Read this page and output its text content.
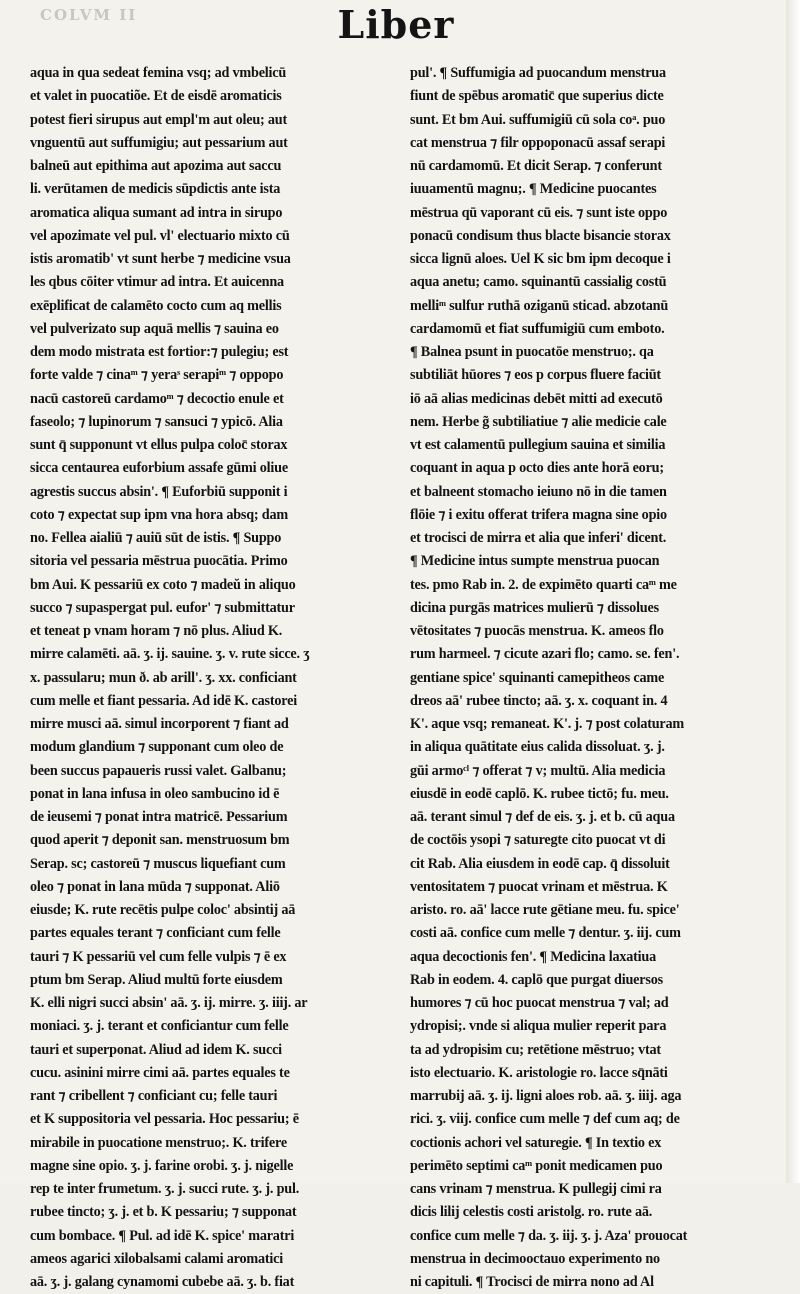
COLVM II	Liber
aqua in qua sedeat femina vsq; ad vmbelicū
et valet in puocatiõe. Et de eisdē aromaticis
potest fieri sirupus aut empl'm aut oleu; aut
vnguentū aut suffumigiu; aut pessarium aut
balneū aut epithima aut apozima aut saccu
li. verūtamen de medicis sūpdictis ante ista
aromatica aliqua sumant ad intra in sirupo
vel apozimate vel pul. vl' electuario mixto cū
istis aromatib' vt sunt herbe ⁊ medicine vsua
les qbus cōiter vtimur ad intra. Et auicenna
exēplificat de calamēto cocto cum aq mellis
vel pulverizato sup aquā mellis ⁊ sauina eo
dem modo mistrata est fortior:⁊ pulegiu; est
forte valde ⁊ cinaᵐ ⁊ yeraˢ serapiᵐ ⁊ oppopo
nacū castoreū cardamoᵐ ⁊ decoctio enule et
faseolo; ⁊ lupinorum ⁊ sansuci ⁊ ypicō. Alia
sunt q̄ supponunt vt ellus pulpa coloc̄ storax
sicca centaurea euforbium assafe gūmi oliue
agrestis succus absin'. ¶ Euforbiū supponit i
coto ⁊ expectat sup ipm vna hora absq; dam
no. Fellea aialiū ⁊ auiū sūt de istis. ¶ Suppo
sitoria vel pessaria mēstrua puocātia. Primo
bm Aui. K pessariū ex coto ⁊ madeŭ in aliquo
succo ⁊ supaspergat pul. eufor' ⁊ submittatur
et teneat p vnam horam ⁊ nō plus. Aliud K.
mirre calamēti. aā. ʒ. ij. sauine. ʒ. v. rute sicce. ʒ
x. passularu; mun ð. ab arill'. ʒ. xx. conficiant
cum melle et fiant pessaria. Ad idē K. castorei
mirre musci aā. simul incorporent ⁊ fiant ad
modum glandium ⁊ supponant cum oleo de
been succus papaueris russi valet. Galbanu;
ponat in lana infusa in oleo sambucino id ē
de ieusemi ⁊ ponat intra matricē. Pessarium
quod aperit ⁊ deponit san. menstruosum bm
Serap. sc; castoreū ⁊ muscus liquefiant cum
oleo ⁊ ponat in lana mūda ⁊ supponat. Aliō
eiusde; K. rute recētis pulpe coloc' absintij aā
partes equales terant ⁊ conficiant cum felle
tauri ⁊ K pessariū vel cum felle vulpis ⁊ ē ex
ptum bm Serap. Aliud multū forte eiusdem
K. elli nigri succi absin' aā. ʒ. ij. mirre. ʒ. iiij. ar
moniaci. ʒ. j. terant et conficiantur cum felle
tauri et superponat. Aliud ad idem K. succi
cucu. asinini mirre cimi aā. partes equales te
rant ⁊ cribellent ⁊ conficiant cu; felle tauri
et K suppositoria vel pessaria. Hoc pessariu; ē
mirabile in puocatione menstruo;. K. trifere
magne sine opio. ʒ. j. farine orobi. ʒ. j. nigelle
rep te inter frumetum. ʒ. j. succi rute. ʒ. j. pul.
rubee tincto; ʒ. j. et b. K pessariu; ⁊ supponat
cum bombace. ¶ Pul. ad idē K. spice' maratri
ameos agarici xilobalsami calami aromatici
aā. ʒ. j. galang cynamomi cubebe aā. ʒ. b. fiat
pul'. ¶ Suffumigia ad puocandum menstrua
fiunt de spēbus aromatic̄ que superius dicte
sunt. Et bm Aui. suffumigiū cū sola coᵃ. puo
cat menstrua ⁊ filr oppoponacū assaf serapi
nū cardamomū. Et dicit Serap. ⁊ conferunt
iuuamentū magnu;. ¶ Medicine puocantes
mēstrua qū vaporant cū eis. ⁊ sunt iste oppo
ponacū condisum thus blacte bisancie storax
sicca lignū aloes. Uel K sic bm ipm decoque i
aqua anetu; camo. squinantū cassialig costū
melliᵐ sulfur ruthā oziganū sticad. abzotanū
cardamomū et fiat suffumigiū cum emboto.
¶ Balnea psunt in puocatōe menstruo;. qa
subtiliāt hūores ⁊ eos p corpus fluere faciūt
iō aā alias medicinas debēt mitti ad executō
nem. Herbe g̃ subtiliatiue ⁊ alie medicie cale
vt est calamentū pullegium sauina et similia
coquant in aqua p octo dies ante horā eoru;
et balneent stomacho ieiuno nō in die tamen
flōie ⁊ i exitu offerat trifera magna sine opio
et trocisci de mirra et alia que inferi' dicent.
¶ Medicine intus sumpte menstrua puocan
tes. pmo Rab in. 2. de expimēto quarti caᵐ me
dicina purgās matrices mulierū ⁊ dissolues
vētositates ⁊ puocās menstrua. K. ameos flo
rum harmeel. ⁊ cicute azari flo; camo. se. fen'.
gentiane spice' squinanti camepitheos came
dreos aā' rubee tincto; aā. ʒ. x. coquant in. 4
K'. aque vsq; remaneat. K'. j. ⁊ post colaturam
in aliqua quātitate eius calida dissoluat. ʒ. j.
gūi armoᶜˡ ⁊ offerat ⁊ v; multū. Alia medicia
eiusdē in eodē caplō. K. rubee tictō; fu. meu.
aā. terant simul ⁊ def de eis. ʒ. j. et b. cū aqua
de coctōis ysopi ⁊ saturegte cito puocat vt di
cit Rab. Alia eiusdem in eodē cap. q̄ dissoluit
ventositatem ⁊ puocat vrinam et mēstrua. K
aristo. ro. aā' lacce rute gētiane meu. fu. spice'
costi aā. confice cum melle ⁊ dentur. ʒ. iij. cum
aqua decoctionis fen'. ¶ Medicina laxatiua
Rab in eodem. 4. caplō que purgat diuersos
humores ⁊ cū hoc puocat menstrua ⁊ val; ad
ydropisi;. vnde si aliqua mulier reperit para
ta ad ydropisim cu; retētione mēstruo; vtat
isto electuario. K. aristologie ro. lacce sq̄nāti
marrubij aā. ʒ. ij. ligni aloes rob. aā. ʒ. iiij. aga
rici. ʒ. viij. confice cum melle ⁊ def cum aq; de
coctionis achori vel saturegie. ¶ In textio ex
perimēto septimi caᵐ ponit medicamen puo
cans vrinam ⁊ menstrua. K pullegij cimi ra
dicis lilij celestis costi aristolg. ro. rute aā.
confice cum melle ⁊ da. ʒ. iij. ʒ. j. Aza' prouocat
menstrua in decimooctauo experimento no
ni capituli. ¶ Trocisci de mirra nono ad Al
